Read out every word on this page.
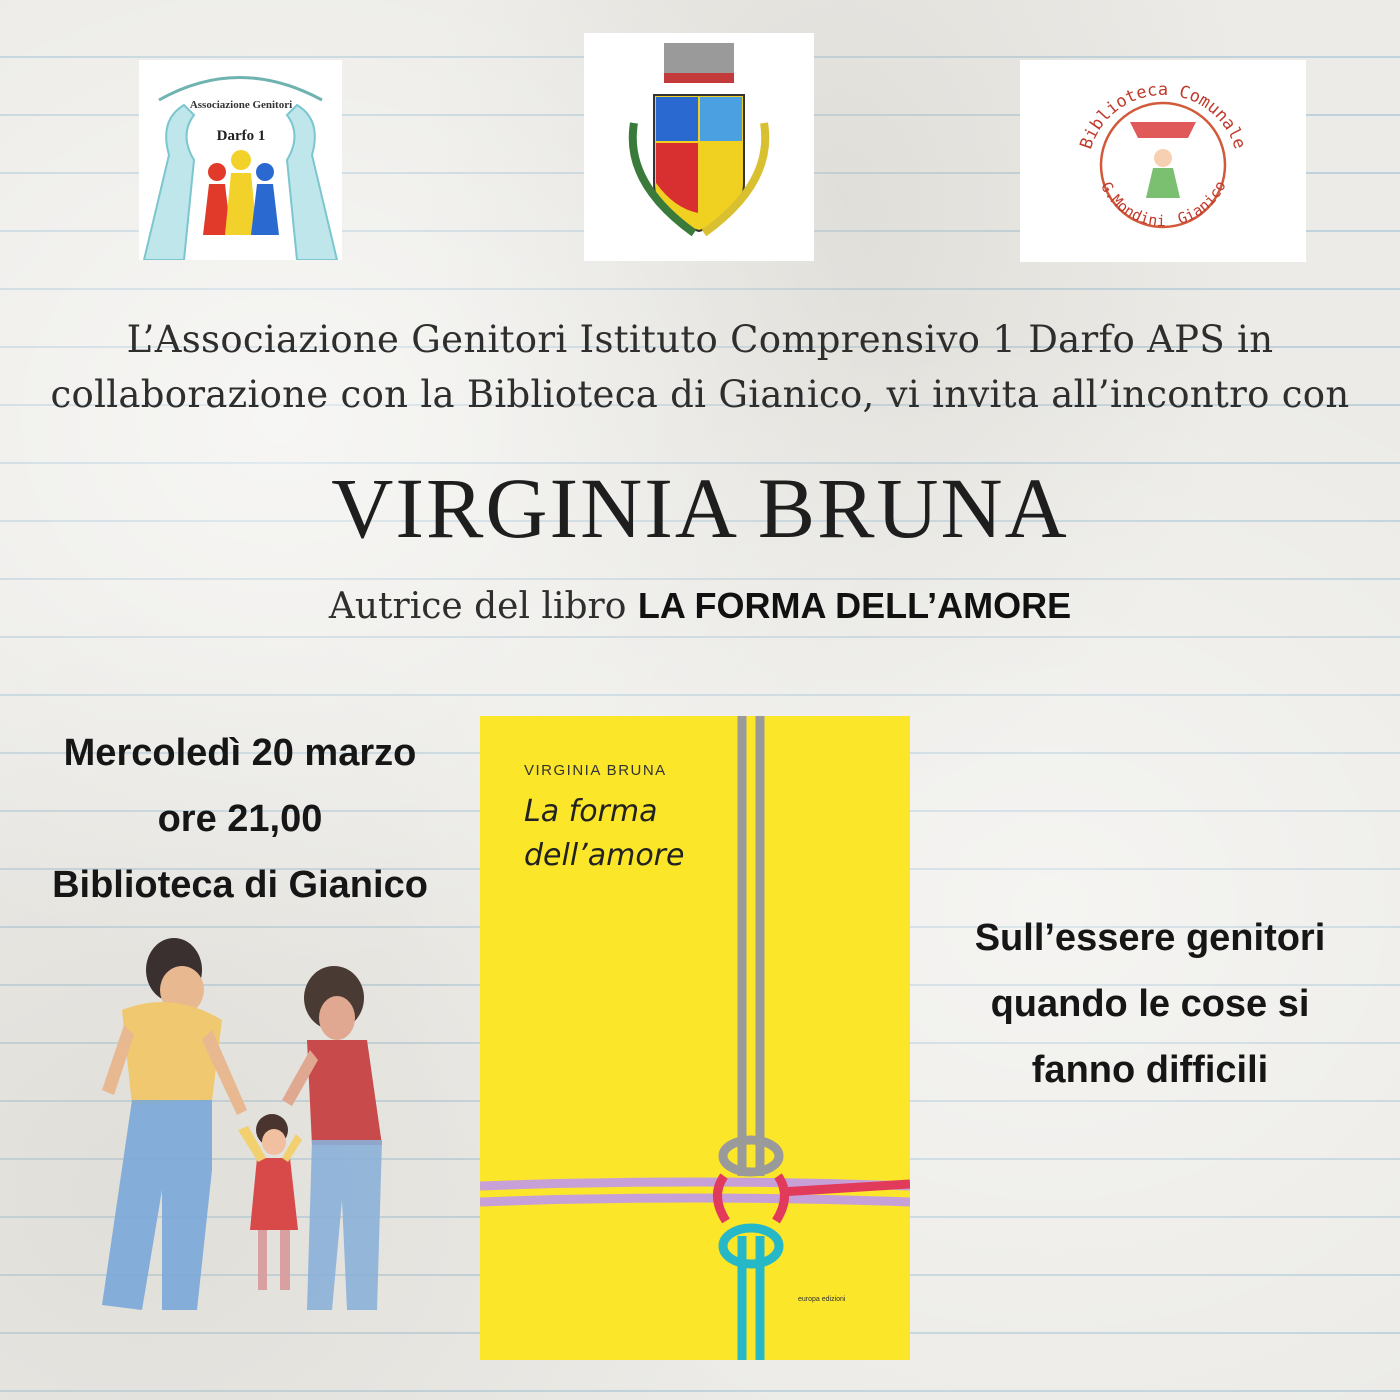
Associazione Genitori
Darfo 1	Biblioteca Comunale
G.Mondini Gianico
L’Associazione Genitori Istituto Comprensivo 1 Darfo APS in
collaborazione con la Biblioteca di Gianico, vi invita all’incontro con
VIRGINIA BRUNA
Autrice del libro LA FORMA DELL’AMORE
Mercoledì 20 marzo
ore 21,00
Biblioteca di Gianico
VIRGINIA BRUNA
La forma
dell’amore
europa edizioni
Sull’essere genitori
quando le cose si
fanno difficili
